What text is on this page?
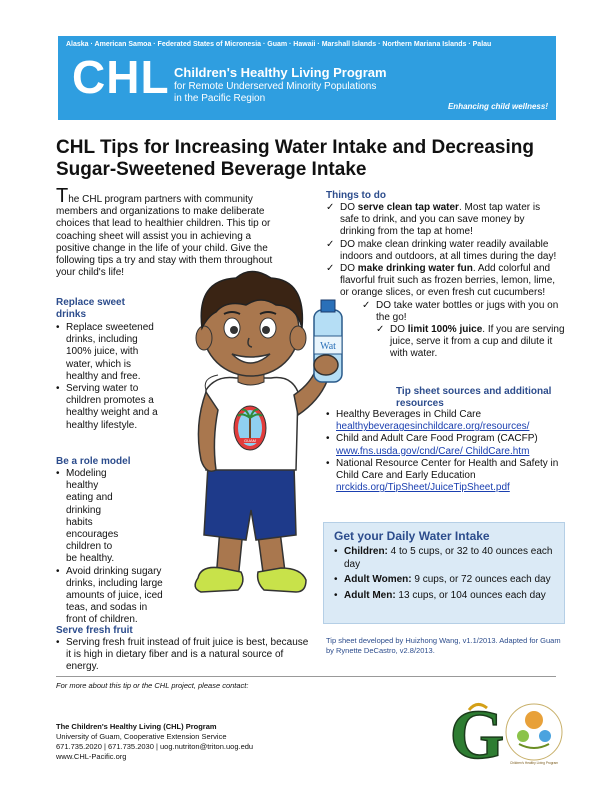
Alaska · American Samoa · Federated States of Micronesia · Guam · Hawaii · Marshall Islands · Northern Mariana Islands · Palau
CHL Children's Healthy Living Program
for Remote Underserved Minority Populations
in the Pacific Region
Enhancing child wellness!
CHL Tips for Increasing Water Intake and Decreasing Sugar-Sweetened Beverage Intake
The CHL program partners with community members and organizations to make deliberate choices that lead to healthier children. This tip or coaching sheet will assist you in achieving a positive change in the life of your child. Give the following tips a try and stay with them throughout your child's life!
Replace sweet drinks
• Replace sweetened drinks, including 100% juice, with water, which is healthy and free.
• Serving water to children promotes a healthy weight and a healthy lifestyle.
Be a role model
• Modeling healthy eating and drinking habits encourages children to be healthy.
• Avoid drinking sugary drinks, including large amounts of juice, iced teas, and sodas in front of children.
Serve fresh fruit
• Serving fresh fruit instead of fruit juice is best, because it is high in dietary fiber and is a natural source of energy.
GUAM
Wat
Things to do
✓ DO serve clean tap water. Most tap water is safe to drink, and you can save money by drinking from the tap at home!
✓ DO make clean drinking water readily available indoors and outdoors, at all times during the day!
✓ DO make drinking water fun. Add colorful and flavorful fruit such as frozen berries, lemon, lime, or orange slices, or even fresh cut cucumbers!
✓ DO take water bottles or jugs with you on the go!
✓ DO limit 100% juice. If you are serving juice, serve it from a cup and dilute it with water.
Tip sheet sources and additional resources
• Healthy Beverages in Child Care
healthybeveragesinchildcare.org/resources/
• Child and Adult Care Food Program (CACFP)
www.fns.usda.gov/cnd/Care/ ChildCare.htm
• National Resource Center for Health and Safety in Child Care and Early Education
nrckids.org/TipSheet/JuiceTipSheet.pdf
Get your Daily Water Intake
• Children: 4 to 5 cups, or 32 to 40 ounces each day
• Adult Women: 9 cups, or 72 ounces each day
• Adult Men: 13 cups, or 104 ounces each day
Tip sheet developed by Huizhong Wang, v1.1/2013. Adapted for Guam by Rynette DeCastro, v2.8/2013.
For more about this tip or the CHL project, please contact:
The Children's Healthy Living (CHL) Program
University of Guam, Cooperative Extension Service
671.735.2020 | 671.735.2030 | uog.nutriton@triton.uog.edu
www.CHL-Pacific.org	G Children's Healthy Living Program
